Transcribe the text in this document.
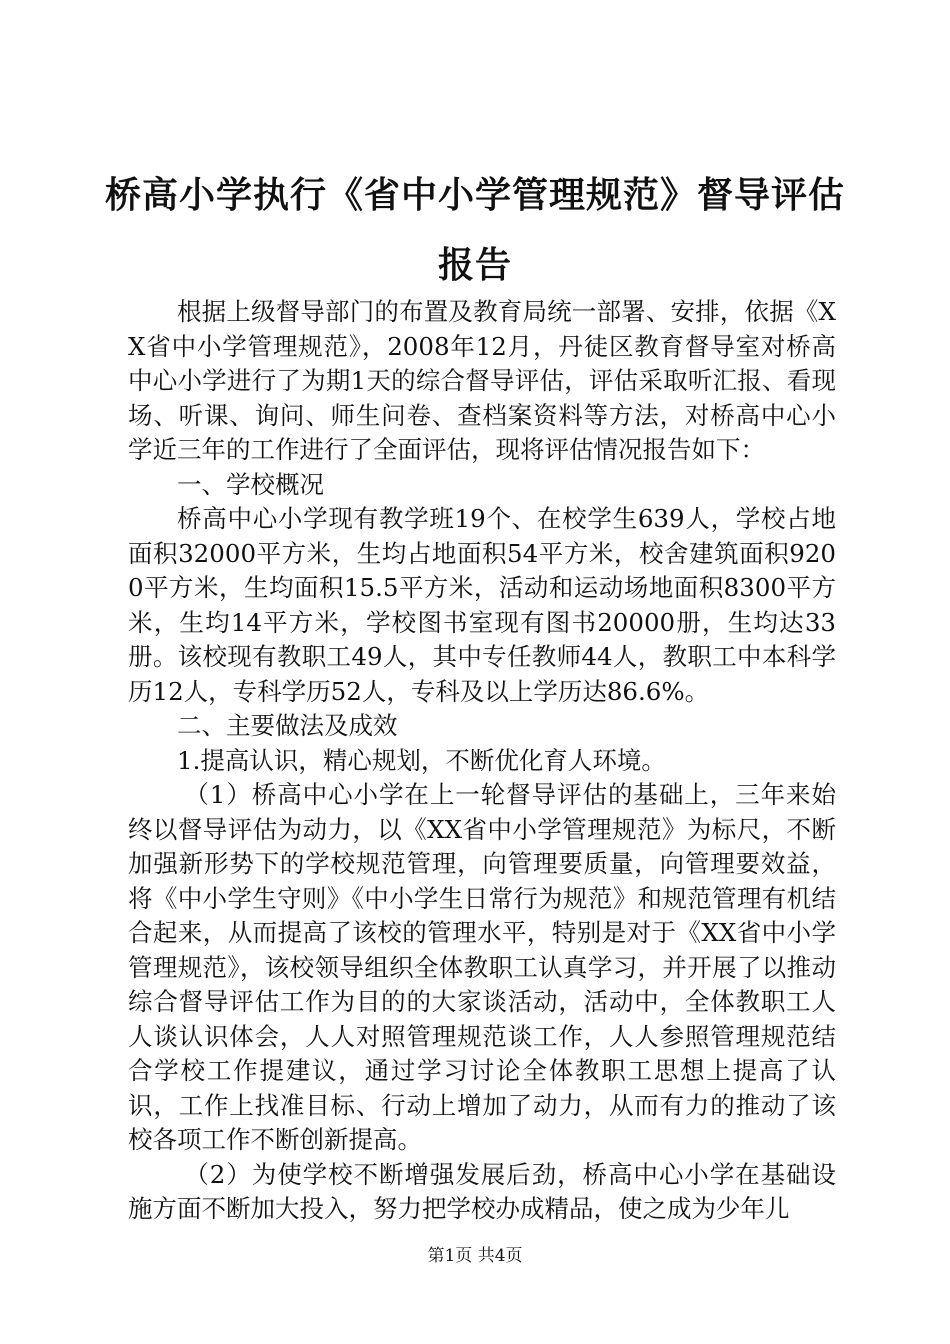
桥高小学执行《省中小学管理规范》督导评估报告

根据上级督导部门的布置及教育局统一部署、安排，依据《XX省中小学管理规范》，2008年12月，丹徒区教育督导室对桥高中心小学进行了为期1天的综合督导评估，评估采取听汇报、看现场、听课、询问、师生问卷、查档案资料等方法，对桥高中心小学近三年的工作进行了全面评估，现将评估情况报告如下：

一、学校概况

桥高中心小学现有教学班19个、在校学生639人，学校占地面积32000平方米，生均占地面积54平方米，校舍建筑面积9200平方米，生均面积15.5平方米，活动和运动场地面积8300平方米，生均14平方米，学校图书室现有图书20000册，生均达33册。该校现有教职工49人，其中专任教师44人，教职工中本科学历12人，专科学历52人，专科及以上学历达86.6%。

二、主要做法及成效

1.提高认识，精心规划，不断优化育人环境。

（1）桥高中心小学在上一轮督导评估的基础上，三年来始终以督导评估为动力，以《XX省中小学管理规范》为标尺，不断加强新形势下的学校规范管理，向管理要质量，向管理要效益，将《中小学生守则》《中小学生日常行为规范》和规范管理有机结合起来，从而提高了该校的管理水平，特别是对于《XX省中小学管理规范》，该校领导组织全体教职工认真学习，并开展了以推动综合督导评估工作为目的的大家谈活动，活动中，全体教职工人人谈认识体会，人人对照管理规范谈工作，人人参照管理规范结合学校工作提建议，通过学习讨论全体教职工思想上提高了认识，工作上找准目标、行动上增加了动力，从而有力的推动了该校各项工作不断创新提高。

（2）为使学校不断增强发展后劲，桥高中心小学在基础设施方面不断加大投入，努力把学校办成精品，使之成为少年儿

第1页 共4页
